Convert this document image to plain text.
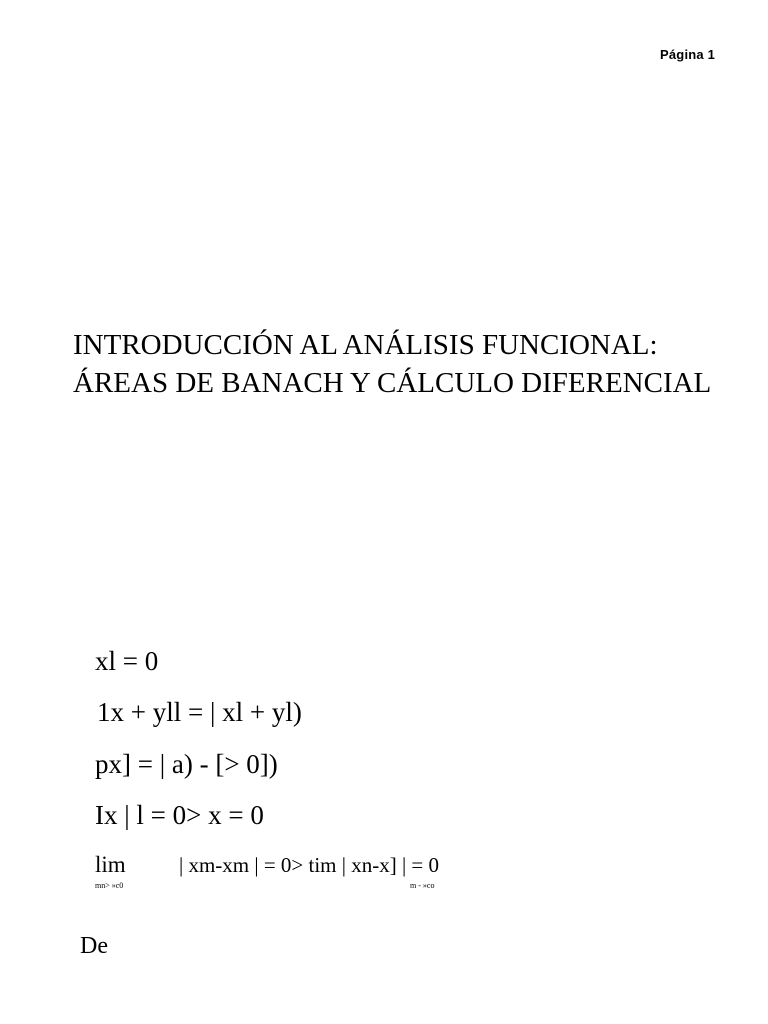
Página 1
INTRODUCCIÓN AL ANÁLISIS FUNCIONAL:
ÁREAS DE BANACH Y CÁLCULO DIFERENCIAL
xl = 0
1x + yll = | xl + yl)
px] = | a) - [> 0])
Ix | l = 0> x = 0
lim
mn> »c0
| xm-xm | = 0> tim | xn-x] | = 0
m - »co
De
